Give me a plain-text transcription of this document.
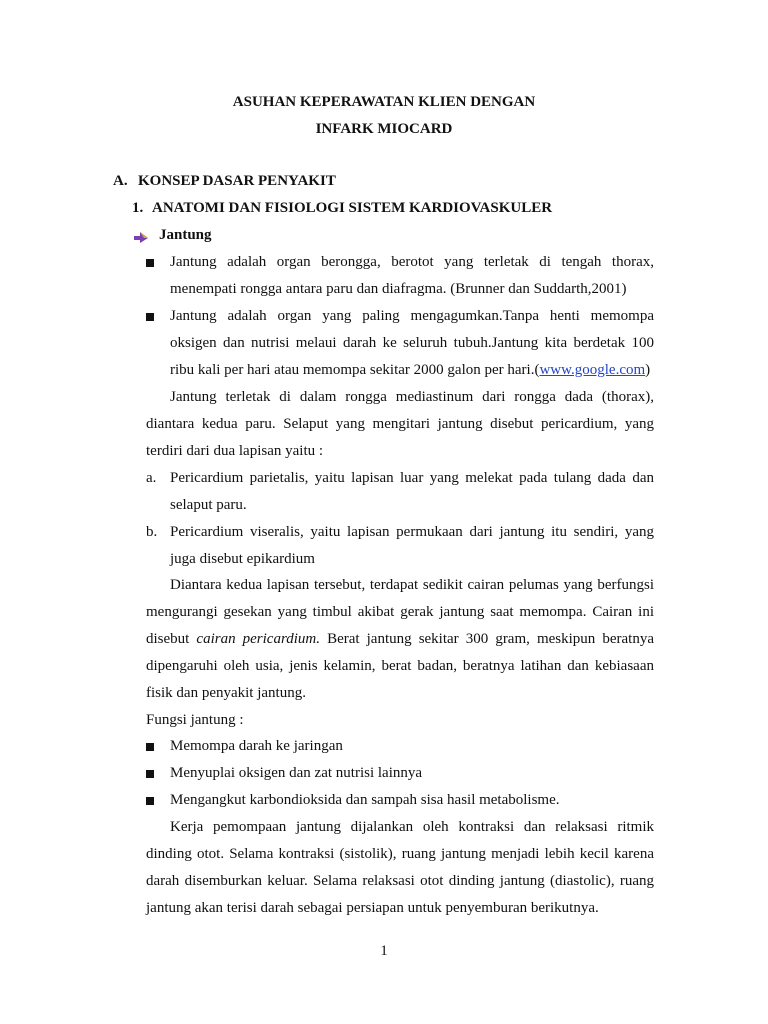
ASUHAN KEPERAWATAN KLIEN DENGAN
INFARK MIOCARD
A. KONSEP DASAR PENYAKIT
1. ANATOMI DAN FISIOLOGI SISTEM KARDIOVASKULER
Jantung
Jantung adalah organ berongga, berotot yang terletak di tengah thorax, menempati rongga antara paru dan diafragma. (Brunner dan Suddarth,2001)
Jantung adalah organ yang paling mengagumkan.Tanpa henti memompa oksigen dan nutrisi melaui darah ke seluruh tubuh.Jantung kita berdetak 100 ribu kali per hari atau memompa sekitar 2000 galon per hari.(www.google.com)
Jantung terletak di dalam rongga mediastinum dari rongga dada (thorax), diantara kedua paru. Selaput yang mengitari jantung disebut pericardium, yang terdiri dari dua lapisan yaitu :
a. Pericardium parietalis, yaitu lapisan luar yang melekat pada tulang dada dan selaput paru.
b. Pericardium viseralis, yaitu lapisan permukaan dari jantung itu sendiri, yang juga disebut epikardium
Diantara kedua lapisan tersebut, terdapat sedikit cairan pelumas yang berfungsi mengurangi gesekan yang timbul akibat gerak jantung saat memompa. Cairan ini disebut cairan pericardium. Berat jantung sekitar 300 gram, meskipun beratnya dipengaruhi oleh usia, jenis kelamin, berat badan, beratnya latihan dan kebiasaan fisik dan penyakit jantung.
Fungsi jantung :
Memompa darah ke jaringan
Menyuplai oksigen dan zat nutrisi lainnya
Mengangkut karbondioksida dan sampah sisa hasil metabolisme.
Kerja pemompaan jantung dijalankan oleh kontraksi dan relaksasi ritmik dinding otot. Selama kontraksi (sistolik), ruang jantung menjadi lebih kecil karena darah disemburkan keluar. Selama relaksasi otot dinding jantung (diastolic), ruang jantung akan terisi darah sebagai persiapan untuk penyemburan berikutnya.
1
